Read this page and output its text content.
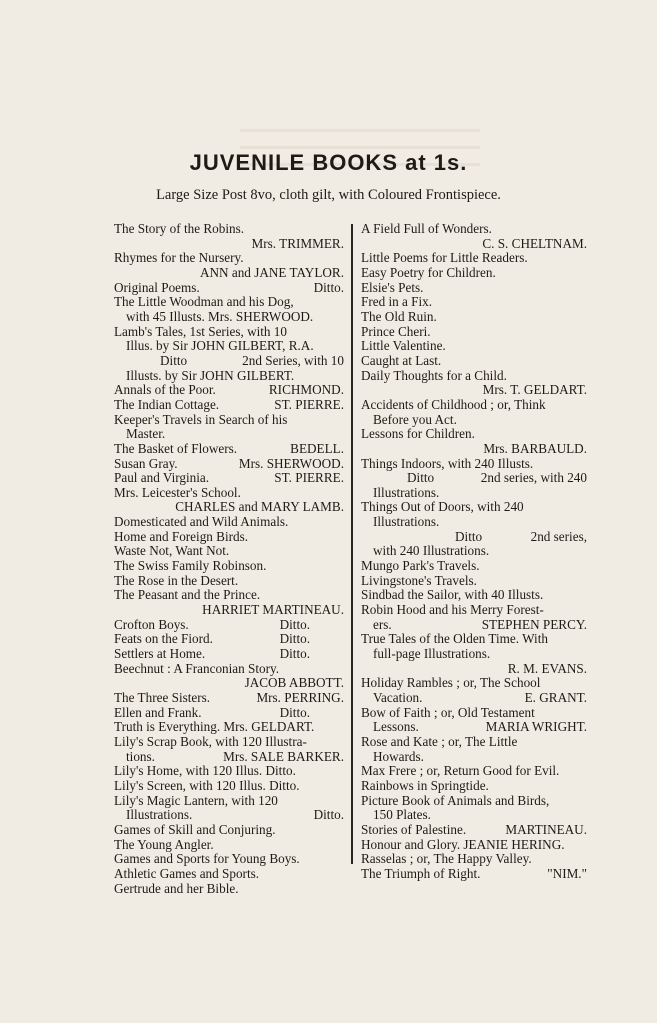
JUVENILE BOOKS at 1s.
Large Size Post 8vo, cloth gilt, with Coloured Frontispiece.
The Story of the Robins.
Mrs. TRIMMER.
Rhymes for the Nursery.
ANN and JANE TAYLOR.
Original Poems.	Ditto.
The Little Woodman and his Dog,
with 45 Illusts. Mrs. SHERWOOD.
Lamb's Tales, 1st Series, with 10
Illus. by Sir JOHN GILBERT, R.A.
Ditto	2nd Series, with 10
Illusts. by Sir JOHN GILBERT.
Annals of the Poor.	RICHMOND.
The Indian Cottage.	ST. PIERRE.
Keeper's Travels in Search of his
Master.
The Basket of Flowers.	BEDELL.
Susan Gray.	Mrs. SHERWOOD.
Paul and Virginia.	ST. PIERRE.
Mrs. Leicester's School.
CHARLES and MARY LAMB.
Domesticated and Wild Animals.
Home and Foreign Birds.
Waste Not, Want Not.
The Swiss Family Robinson.
The Rose in the Desert.
The Peasant and the Prince.
HARRIET MARTINEAU.
Crofton Boys.	Ditto.
Feats on the Fiord.	Ditto.
Settlers at Home.	Ditto.
Beechnut : A Franconian Story.
JACOB ABBOTT.
The Three Sisters.	Mrs. PERRING.
Ellen and Frank.	Ditto.
Truth is Everything. Mrs. GELDART.
Lily's Scrap Book, with 120 Illustra-
tions.	Mrs. SALE BARKER.
Lily's Home, with 120 Illus. Ditto.
Lily's Screen, with 120 Illus. Ditto.
Lily's Magic Lantern, with 120
Illustrations.	Ditto.
Games of Skill and Conjuring.
The Young Angler.
Games and Sports for Young Boys.
Athletic Games and Sports.
Gertrude and her Bible.
A Field Full of Wonders.
C. S. CHELTNAM.
Little Poems for Little Readers.
Easy Poetry for Children.
Elsie's Pets.
Fred in a Fix.
The Old Ruin.
Prince Cheri.
Little Valentine.
Caught at Last.
Daily Thoughts for a Child.
Mrs. T. GELDART.
Accidents of Childhood ; or, Think
Before you Act.
Lessons for Children.
Mrs. BARBAULD.
Things Indoors, with 240 Illusts.
Ditto	2nd series, with 240
Illustrations.
Things Out of Doors, with 240
Illustrations.
Ditto	2nd series,
with 240 Illustrations.
Mungo Park's Travels.
Livingstone's Travels.
Sindbad the Sailor, with 40 Illusts.
Robin Hood and his Merry Forest-
ers.	STEPHEN PERCY.
True Tales of the Olden Time. With
full-page Illustrations.
R. M. EVANS.
Holiday Rambles ; or, The School
Vacation.	E. GRANT.
Bow of Faith ; or, Old Testament
Lessons.	MARIA WRIGHT.
Rose and Kate ; or, The Little
Howards.
Max Frere ; or, Return Good for Evil.
Rainbows in Springtide.
Picture Book of Animals and Birds,
150 Plates.
Stories of Palestine.	MARTINEAU.
Honour and Glory. JEANIE HERING.
Rasselas ; or, The Happy Valley.
The Triumph of Right.	"NIM."
